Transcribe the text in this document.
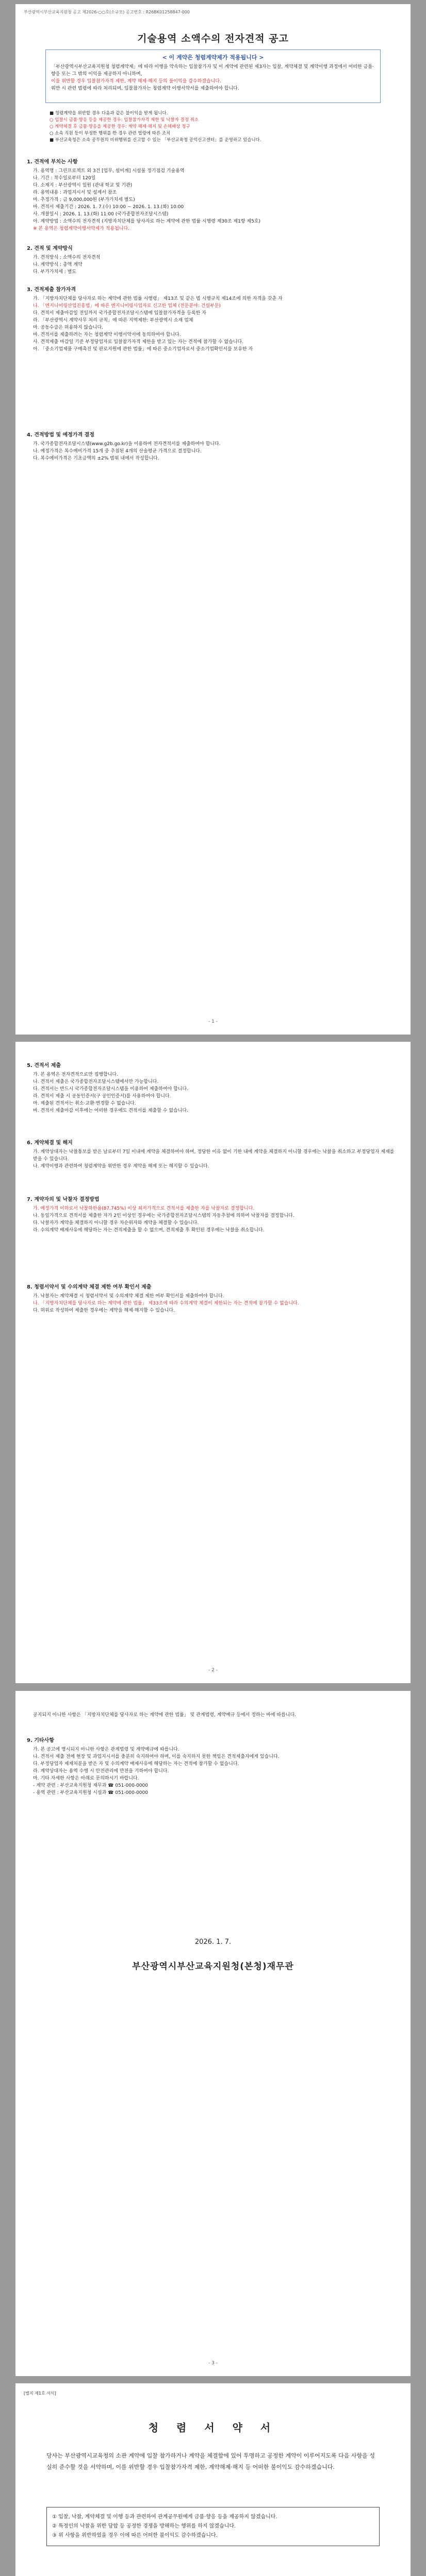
부산광역시부산교육지원청 공고 제2026-○○호(소규모) 공고번호 : R26BK01258847-000
기술용역 소액수의 전자견적 공고
< 이 계약은 청렴계약제가 적용됩니다 >
「부산광역시부산교육지원청 청렴계약제」에 따라 이행을 약속하는 입찰참가자 및 이 계약에 관련된 제3자는 입찰, 계약체결 및 계약이행 과정에서 어떠한 금품·향응 또는 그 밖의 이익을 제공하지 아니하며,
이를 위반할 경우 입찰참가자격 제한, 계약 해제·해지 등의 불이익을 감수하겠습니다.
위반 시 관련 법령에 따라 처리되며, 입찰참가자는 청렴계약 이행서약서를 제출하여야 합니다.
■ 청렴계약을 위반할 경우 다음과 같은 불이익을 받게 됩니다.
○ 입찰시 금품·향응 등을 제공한 경우: 입찰참가자격 제한 및 낙찰자 결정 취소
○ 계약체결 후 금품·향응을 제공한 경우: 계약 해제·해지 및 손해배상 청구
○ 소속 직원 등이 부정한 행위를 한 경우 관련 법령에 따른 조치
■ 부산교육청은 소속 공무원의 비위행위를 신고할 수 있는 「부산교육청 공익신고센터」를 운영하고 있습니다.
1. 견적에 부치는 사항
가. 용역명 : 그린프로젝트 외 3건 [업무, 설비계] 시설물 정기점검 기술용역
나. 기간 : 착수일로부터 120일
다. 소재지 : 부산광역시 일원 (관내 학교 및 기관)
라. 용역내용 : 과업지시서 및 설계서 참조
마. 추정가격 : 금 9,000,000원 (부가가치세 별도)
바. 견적서 제출기간 : 2026. 1. 7.(수) 10:00 ~ 2026. 1. 13.(화) 10:00
사. 개찰일시 : 2026. 1. 13.(화) 11:00 (국가종합전자조달시스템)
아. 계약방법 : 소액수의 전자견적 (지방자치단체를 당사자로 하는 계약에 관한 법률 시행령 제30조 제1항 제5호)
※ 본 용역은 청렴계약이행서약제가 적용됩니다.
2. 견적 및 계약방식
가. 견적방식 : 소액수의 전자견적
나. 계약방식 : 총액 계약
다. 부가가치세 : 별도
3. 견적제출 참가자격
가. 「지방자치단체를 당사자로 하는 계약에 관한 법률 시행령」 제13조 및 같은 법 시행규칙 제14조에 의한 자격을 갖춘 자
나. 「엔지니어링산업진흥법」에 따른 엔지니어링사업자로 신고한 업체 (전문분야: 건설부문)
다. 견적서 제출마감일 전일까지 국가종합전자조달시스템에 입찰참가자격을 등록한 자
라. 「부산광역시 계약사무 처리 규칙」에 따른 지역제한: 부산광역시 소재 업체
마. 공동수급은 허용하지 않습니다.
바. 견적서를 제출하려는 자는 청렴계약 이행서약서에 동의하여야 합니다.
사. 견적제출 마감일 기준 부정당업자로 입찰참가자격 제한을 받고 있는 자는 견적에 참가할 수 없습니다.
아. 「중소기업제품 구매촉진 및 판로지원에 관한 법률」에 따른 중소기업자로서 중소기업확인서를 보유한 자
4. 견적방법 및 예정가격 결정
가. 국가종합전자조달시스템(www.g2b.go.kr)을 이용하여 전자견적서를 제출하여야 합니다.
나. 예정가격은 복수예비가격 15개 중 추첨된 4개의 산술평균 가격으로 결정합니다.
다. 복수예비가격은 기초금액의 ±2% 범위 내에서 작성합니다.
- 1 -
5. 견적서 제출
가. 본 용역은 전자견적으로만 집행합니다.
나. 견적서 제출은 국가종합전자조달시스템에서만 가능합니다.
다. 견적서는 반드시 국가종합전자조달시스템을 이용하여 제출하여야 합니다.
라. 견적서 제출 시 공동인증서(구 공인인증서)를 사용하여야 합니다.
마. 제출된 견적서는 취소·교환·변경할 수 없습니다.
바. 견적서 제출마감 이후에는 어떠한 경우에도 견적서를 제출할 수 없습니다.
6. 계약체결 및 해지
가. 계약상대자는 낙찰통보를 받은 날로부터 7일 이내에 계약을 체결하여야 하며, 정당한 이유 없이 기한 내에 계약을 체결하지 아니할 경우에는 낙찰을 취소하고 부정당업자 제재를 받을 수 있습니다.
나. 계약이행과 관련하여 청렴계약을 위반한 경우 계약을 해제 또는 해지할 수 있습니다.
7. 계약자의 및 낙찰자 결정방법
가. 예정가격 이하로서 낙찰하한율(87.745%) 이상 최저가격으로 견적서를 제출한 자를 낙찰자로 결정합니다.
나. 동일가격으로 견적서를 제출한 자가 2인 이상인 경우에는 국가종합전자조달시스템의 자동추첨에 의하여 낙찰자를 결정합니다.
다. 낙찰자가 계약을 체결하지 아니할 경우 차순위자와 계약을 체결할 수 있습니다.
라. 수의계약 배제사유에 해당하는 자는 견적제출을 할 수 없으며, 견적제출 후 확인된 경우에는 낙찰을 취소합니다.
8. 청렴서약서 및 수의계약 체결 제한 여부 확인서 제출
가. 낙찰자는 계약체결 시 청렴서약서 및 수의계약 체결 제한 여부 확인서를 제출하여야 합니다.
나. 「지방자치단체를 당사자로 하는 계약에 관한 법률」 제33조에 따라 수의계약 체결이 제한되는 자는 견적에 참가할 수 없습니다.
다. 허위로 작성하여 제출한 경우에는 계약을 해제·해지할 수 있습니다.
- 2 -
공지되지 아니한 사항은 「지방자치단체를 당사자로 하는 계약에 관한 법률」 및 관계법령, 계약예규 등에서 정하는 바에 따릅니다.
9. 기타사항
가. 본 공고에 명시되지 아니한 사항은 관계법령 및 계약예규에 따릅니다.
나. 견적서 제출 전에 현장 및 과업지시서를 충분히 숙지하여야 하며, 이를 숙지하지 못한 책임은 견적제출자에게 있습니다.
다. 부정당업자 제재처분을 받은 자 및 수의계약 배제사유에 해당하는 자는 견적에 참가할 수 없습니다.
라. 계약상대자는 용역 수행 시 안전관리에 만전을 기하여야 합니다.
마. 기타 자세한 사항은 아래로 문의하시기 바랍니다.
- 계약 관련 : 부산교육지원청 재무과 ☎ 051-000-0000
- 용역 관련 : 부산교육지원청 시설과 ☎ 051-000-0000
2026. 1. 7.
부산광역시부산교육지원청(본청)재무관
- 3 -
[별지 제1호 서식]
청 렴 서 약 서
당사는 부산광역시교육청의 소관 계약에 입찰 참가하거나 계약을 체결함에 있어 투명하고 공정한 계약이 이루어지도록 다음 사항을 성실히 준수할 것을 서약하며, 이를 위반할 경우 입찰참가자격 제한, 계약해제·해지 등 어떠한 불이익도 감수하겠습니다.
① 입찰, 낙찰, 계약체결 및 이행 등과 관련하여 관계공무원에게 금품·향응 등을 제공하지 않겠습니다.
② 특정인의 낙찰을 위한 담합 등 공정한 경쟁을 방해하는 행위를 하지 않겠습니다.
③ 위 사항을 위반하였을 경우 이에 따른 어떠한 불이익도 감수하겠습니다.
